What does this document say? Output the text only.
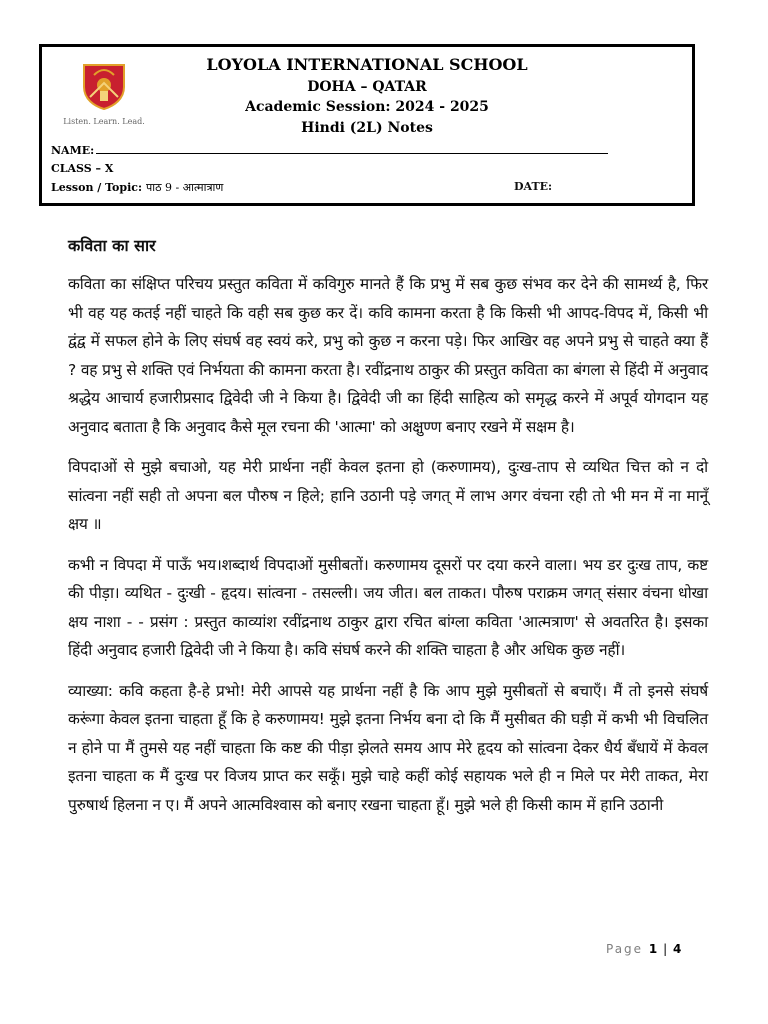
Listen. Learn. Lead.
LOYOLA INTERNATIONAL SCHOOL
DOHA – QATAR
Academic Session: 2024 - 2025
Hindi (2L) Notes
NAME:
CLASS – X
Lesson / Topic: पाठ 9 - आत्मात्राण	DATE:
कविता का सार

कविता का संक्षिप्त परिचय प्रस्तुत कविता में कविगुरु मानते हैं कि प्रभु में सब कुछ संभव कर देने की सामर्थ्य है, फिर भी वह यह कतई नहीं चाहते कि वही सब कुछ कर दें। कवि कामना करता है कि किसी भी आपद-विपद में, किसी भी द्वंद्व में सफल होने के लिए संघर्ष वह स्वयं करे, प्रभु को कुछ न करना पड़े। फिर आखिर वह अपने प्रभु से चाहते क्या हैं ? वह प्रभु से शक्ति एवं निर्भयता की कामना करता है। रवींद्रनाथ ठाकुर की प्रस्तुत कविता का बंगला से हिंदी में अनुवाद श्रद्धेय आचार्य हजारीप्रसाद द्विवेदी जी ने किया है। द्विवेदी जी का हिंदी साहित्य को समृद्ध करने में अपूर्व योगदान यह अनुवाद बताता है कि अनुवाद कैसे मूल रचना की 'आत्मा' को अक्षुण्ण बनाए रखने में सक्षम है।

विपदाओं से मुझे बचाओ, यह मेरी प्रार्थना नहीं केवल इतना हो (करुणामय), दुःख-ताप से व्यथित चित्त को न दो सांत्वना नहीं सही तो अपना बल पौरुष न हिले; हानि उठानी पड़े जगत् में लाभ अगर वंचना रही तो भी मन में ना मानूँ क्षय ॥

कभी न विपदा में पाऊँ भय।शब्दार्थ विपदाओं मुसीबतों। करुणामय दूसरों पर दया करने वाला। भय डर दुःख ताप, कष्ट की पीड़ा। व्यथित - दुःखी - हृदय। सांत्वना - तसल्ली। जय जीत। बल ताकत। पौरुष पराक्रम जगत् संसार वंचना धोखा क्षय नाशा - - प्रसंग : प्रस्तुत काव्यांश रवींद्रनाथ ठाकुर द्वारा रचित बांग्ला कविता 'आत्मत्राण' से अवतरित है। इसका हिंदी अनुवाद हजारी द्विवेदी जी ने किया है। कवि संघर्ष करने की शक्ति चाहता है और अधिक कुछ नहीं।

व्याख्या: कवि कहता है-हे प्रभो! मेरी आपसे यह प्रार्थना नहीं है कि आप मुझे मुसीबतों से बचाएँ। मैं तो इनसे संघर्ष करूंगा केवल इतना चाहता हूँ कि हे करुणामय! मुझे इतना निर्भय बना दो कि मैं मुसीबत की घड़ी में कभी भी विचलित न होने पा मैं तुमसे यह नहीं चाहता कि कष्ट की पीड़ा झेलते समय आप मेरे हृदय को सांत्वना देकर धैर्य बँधायें में केवल इतना चाहता क मैं दुःख पर विजय प्राप्त कर सकूँ। मुझे चाहे कहीं कोई सहायक भले ही न मिले पर मेरी ताकत, मेरा पुरुषार्थ हिलना न ए। मैं अपने आत्मविश्वास को बनाए रखना चाहता हूँ। मुझे भले ही किसी काम में हानि उठानी

Page 1 | 4
